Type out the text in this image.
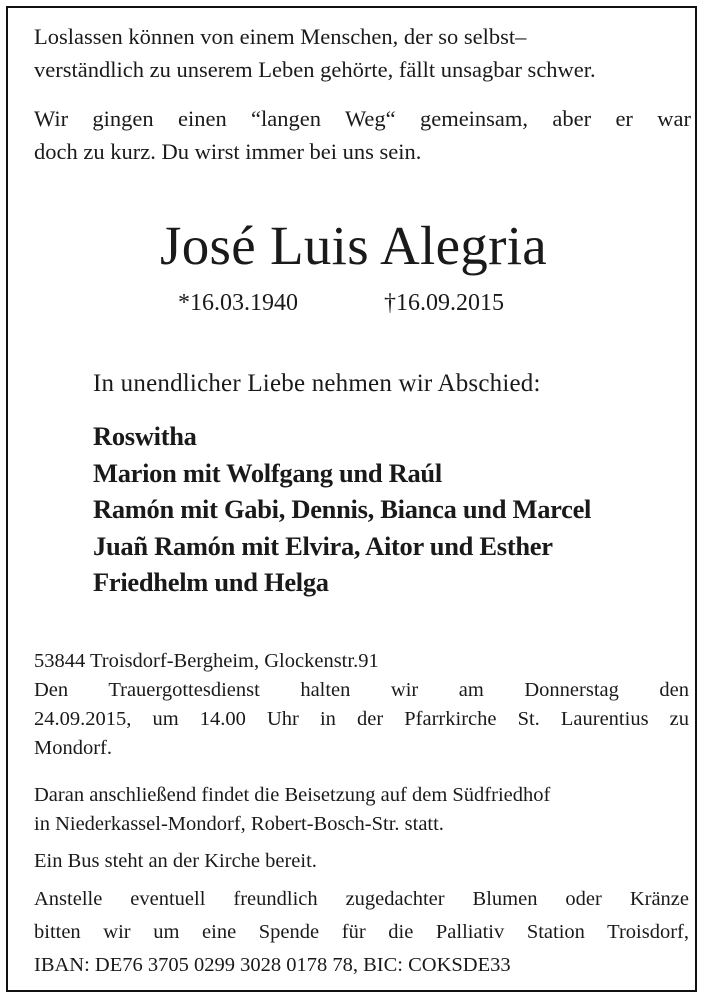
Loslassen können von einem Menschen, der so selbst–

verständlich zu unserem Leben gehörte, fällt unsagbar schwer.

Wir gingen einen “langen Weg“ gemeinsam, aber er war

doch zu kurz. Du wirst immer bei uns sein.

José Luis Alegria

*16.03.1940	†16.09.2015

In unendlicher Liebe nehmen wir Abschied:

Roswitha
Marion mit Wolfgang und Raúl
Ramón mit Gabi, Dennis, Bianca und Marcel
Juañ Ramón mit Elvira, Aitor und Esther
Friedhelm und Helga

53844 Troisdorf-Bergheim, Glockenstr.91

Den Trauergottesdienst halten wir am Donnerstag den

24.09.2015, um 14.00 Uhr in der Pfarrkirche St. Laurentius zu

Mondorf.

Daran anschließend findet die Beisetzung auf dem Südfriedhof

in Niederkassel-Mondorf, Robert-Bosch-Str. statt.

Ein Bus steht an der Kirche bereit.

Anstelle eventuell freundlich zugedachter Blumen oder Kränze

bitten wir um eine Spende für die Palliativ Station Troisdorf,

IBAN: DE76 3705 0299 3028 0178 78, BIC: COKSDE33
